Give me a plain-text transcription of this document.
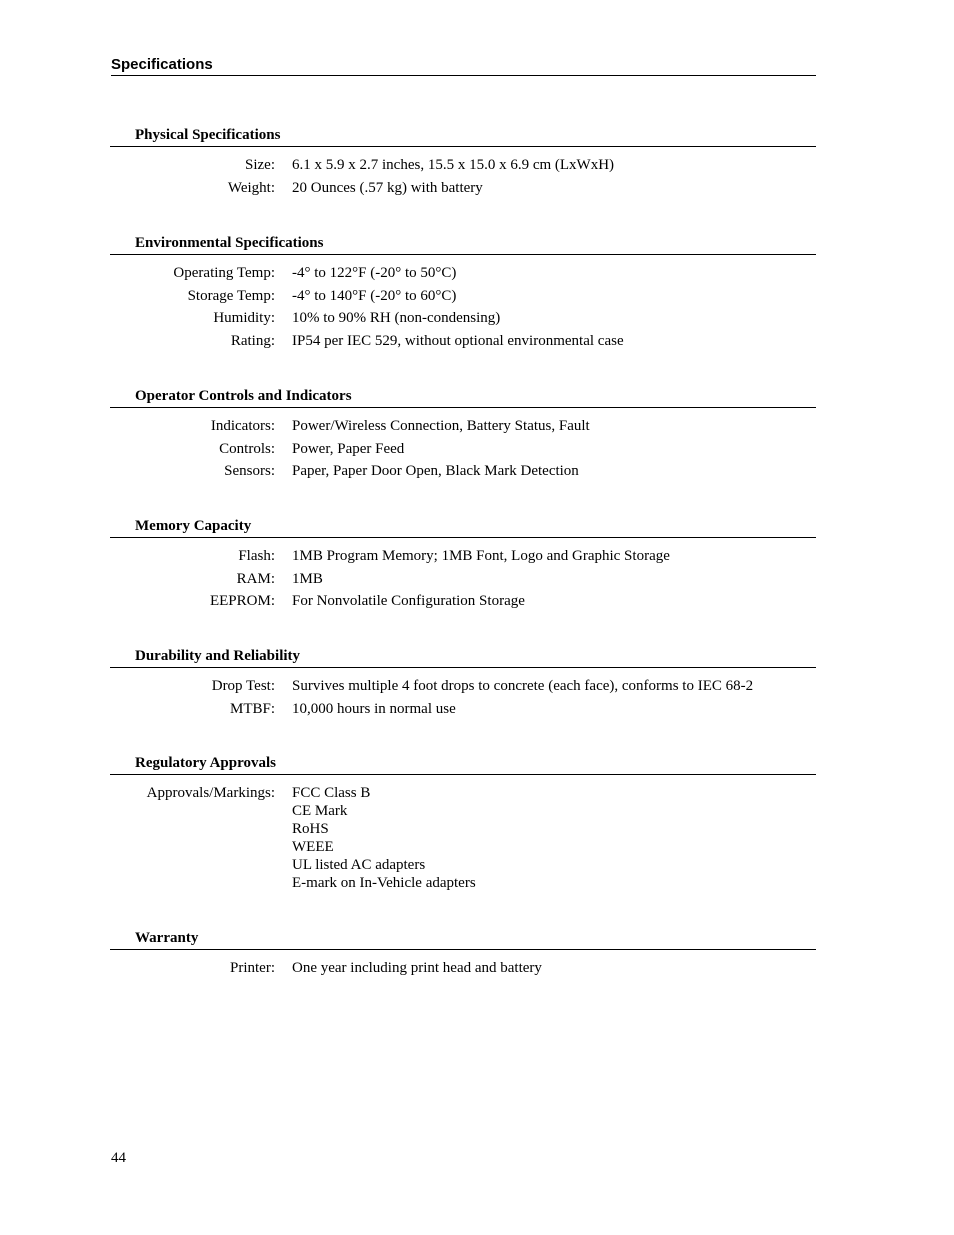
Specifications
Physical Specifications
Size:	6.1 x 5.9 x 2.7 inches, 15.5 x 15.0 x 6.9 cm (LxWxH)
Weight:	20 Ounces (.57 kg) with battery
Environmental Specifications
Operating Temp:	-4° to 122°F (-20° to 50°C)
Storage Temp:	-4° to 140°F (-20° to 60°C)
Humidity:	10% to 90% RH (non-condensing)
Rating:	IP54 per IEC 529, without optional environmental case
Operator Controls and Indicators
Indicators:	Power/Wireless Connection, Battery Status, Fault
Controls:	Power, Paper Feed
Sensors:	Paper, Paper Door Open, Black Mark Detection
Memory Capacity
Flash:	1MB Program Memory; 1MB Font, Logo and Graphic Storage
RAM:	1MB
EEPROM:	For Nonvolatile Configuration Storage
Durability and Reliability
Drop Test:	Survives multiple 4 foot drops to concrete (each face), conforms to IEC 68-2
MTBF:	10,000 hours in normal use
Regulatory Approvals
Approvals/Markings: FCC Class B
CE Mark
RoHS
WEEE
UL listed AC adapters
E-mark on In-Vehicle adapters
Warranty
Printer:	One year including print head and battery
44
